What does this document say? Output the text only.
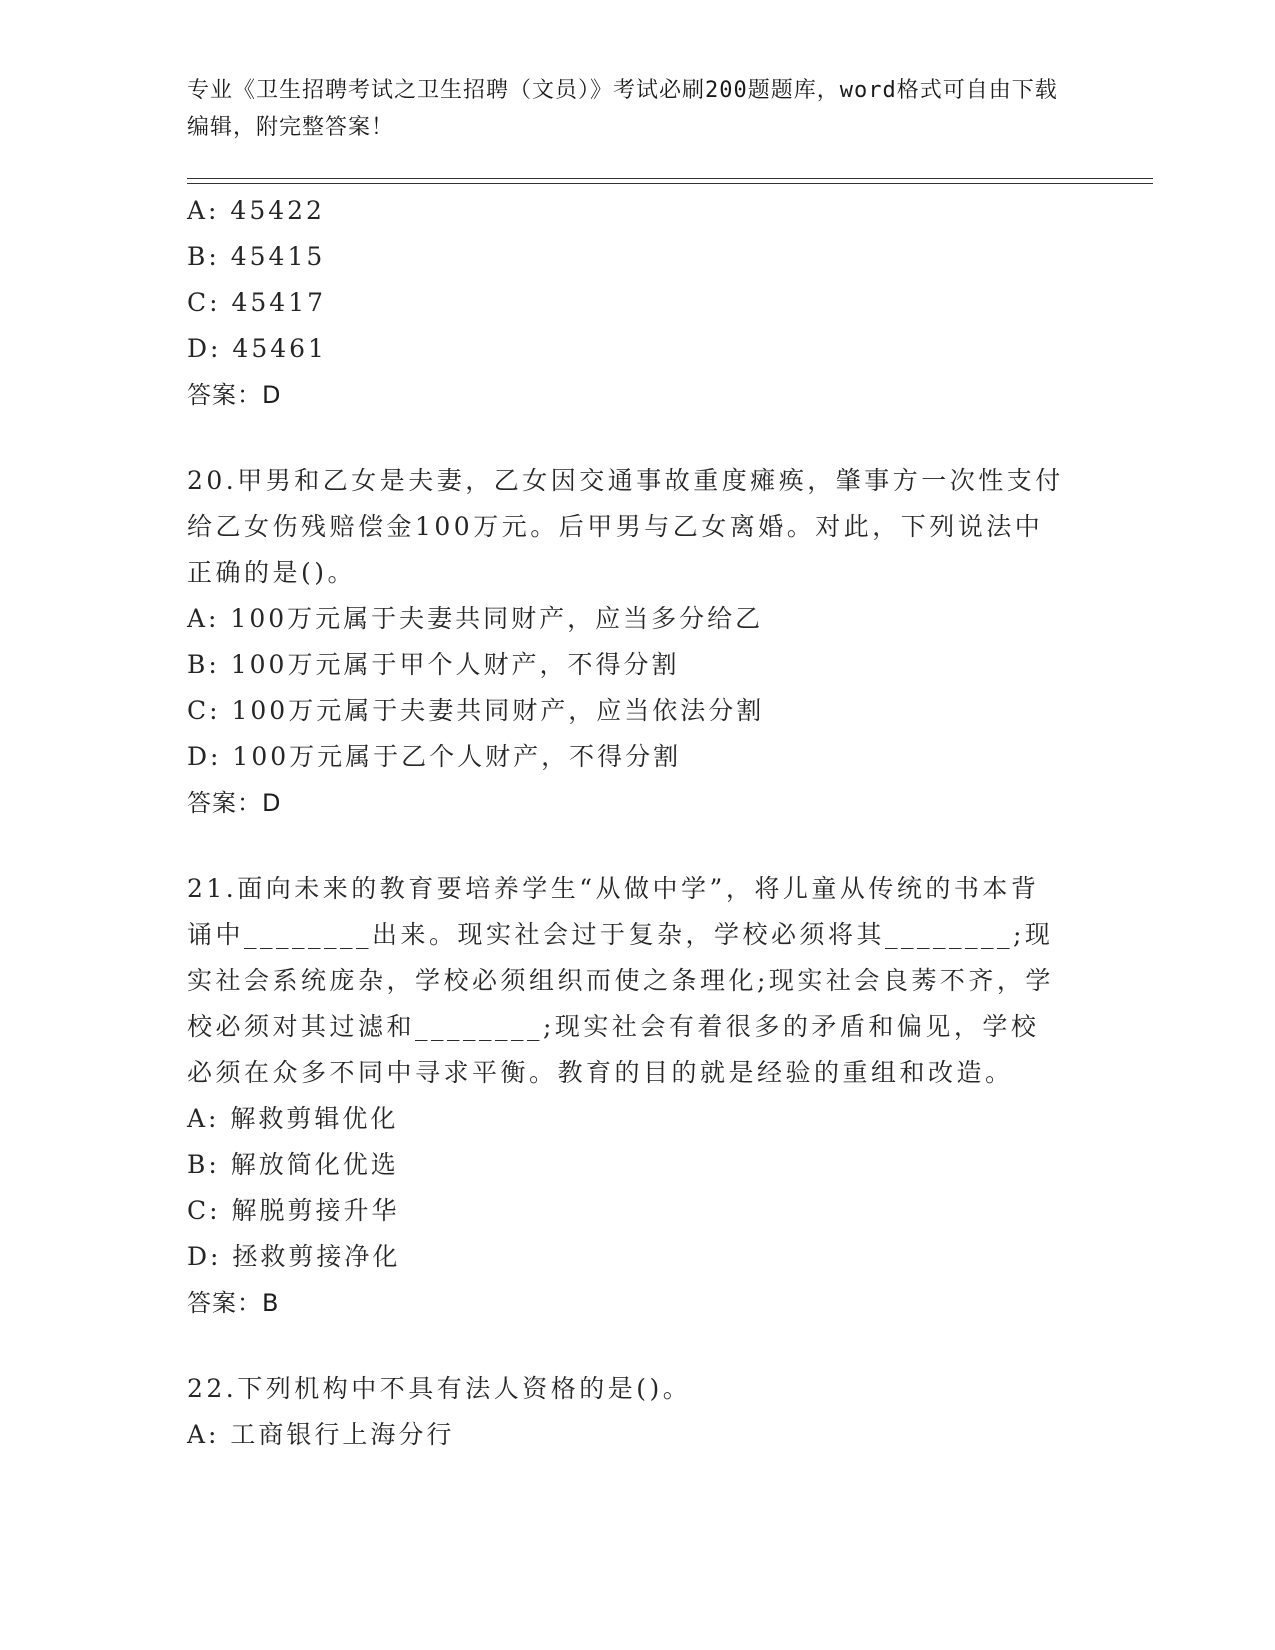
专业《卫生招聘考试之卫生招聘（文员）》考试必刷200题题库，word格式可自由下载编辑，附完整答案！
A: 45422
B: 45415
C: 45417
D: 45461
答案：D
20.甲男和乙女是夫妻，乙女因交通事故重度瘫痪，肇事方一次性支付给乙女伤残赔偿金100万元。后甲男与乙女离婚。对此，下列说法中正确的是()。
A: 100万元属于夫妻共同财产，应当多分给乙
B: 100万元属于甲个人财产，不得分割
C: 100万元属于夫妻共同财产，应当依法分割
D: 100万元属于乙个人财产，不得分割
答案：D
21.面向未来的教育要培养学生“从做中学”，将儿童从传统的书本背诵中________出来。现实社会过于复杂，学校必须将其________;现实社会系统庞杂，学校必须组织而使之条理化;现实社会良莠不齐，学校必须对其过滤和________;现实社会有着很多的矛盾和偏见，学校必须在众多不同中寻求平衡。教育的目的就是经验的重组和改造。
A: 解救剪辑优化
B: 解放简化优选
C: 解脱剪接升华
D: 拯救剪接净化
答案：B
22.下列机构中不具有法人资格的是()。
A: 工商银行上海分行
